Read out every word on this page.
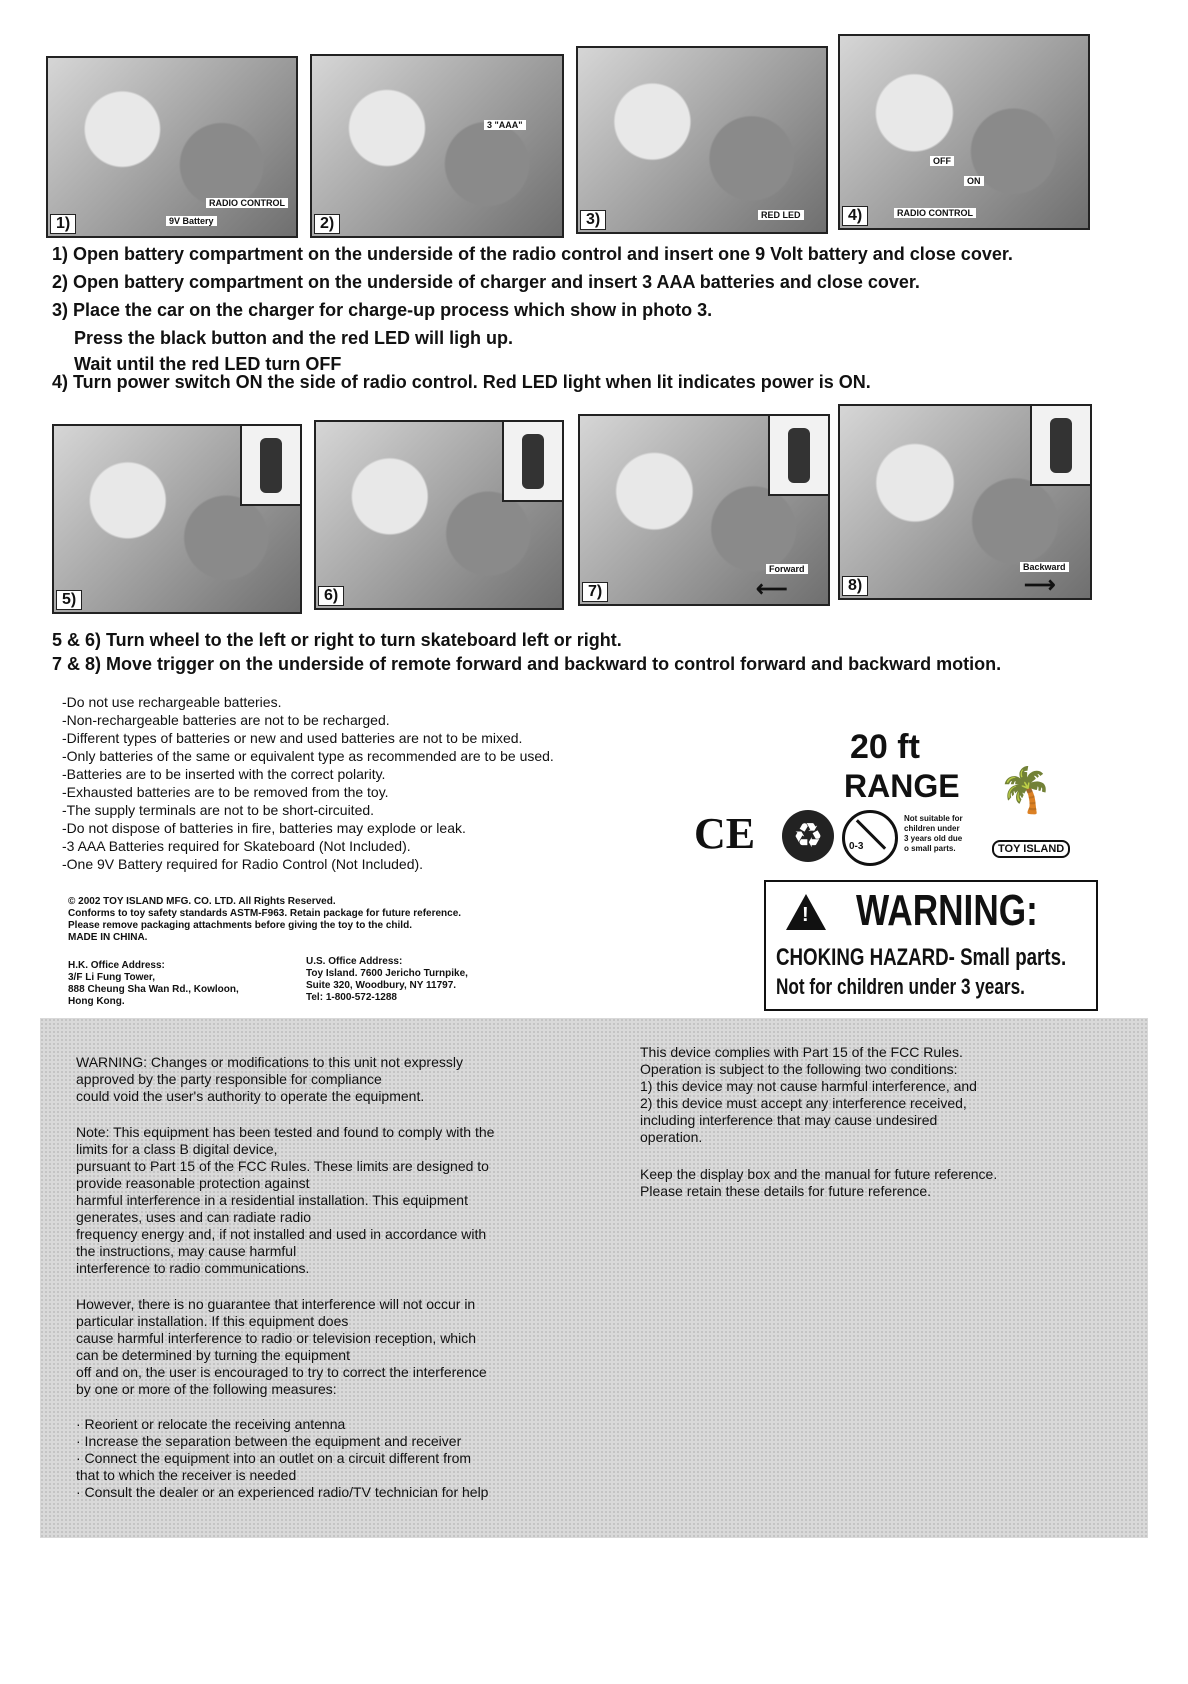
RADIO CONTROL
9V Battery
1)
3 "AAA"
2)	RED LED
3)
OFF
ON
RADIO CONTROL
4)
1) Open battery compartment on the underside of the radio control and insert one 9 Volt battery and close cover.
2) Open battery compartment on the underside of charger and insert 3 AAA batteries and close cover.
3) Place the car on the charger for charge-up process which show in photo 3.
Press the black button and the red LED will ligh up.
Wait until the red LED turn OFF
4) Turn power switch ON the side of radio control. Red LED light when lit indicates power is ON.
5)	6)
Forward
⟵
7)
Backward
⟶
8)
5 & 6) Turn wheel to the left or right to turn skateboard left or right.
7 & 8) Move trigger on the underside of remote forward and backward to control forward and backward motion.
-Do not use rechargeable batteries.
-Non-rechargeable batteries are not to be recharged.
-Different types of batteries or new and used batteries are not to be mixed.
-Only batteries of the same or equivalent type as recommended are to be used.
-Batteries are to be inserted with the correct polarity.
-Exhausted batteries are to be removed from the toy.
-The supply terminals are not to be short-circuited.
-Do not dispose of batteries in fire, batteries may explode or leak.
-3 AAA Batteries required for Skateboard (Not Included).
-One 9V Battery required for Radio Control (Not Included).
© 2002 TOY ISLAND MFG. CO. LTD. All Rights Reserved.
Conforms to toy safety standards ASTM-F963. Retain package for future reference.
Please remove packaging attachments before giving the toy to the child.
MADE IN CHINA.
H.K. Office Address:
3/F Li Fung Tower,
888 Cheung Sha Wan Rd., Kowloon,
Hong Kong.
U.S. Office Address:
Toy Island. 7600 Jericho Turnpike,
Suite 320, Woodbury, NY 11797.
Tel: 1-800-572-1288
20 ft
RANGE
CE	♻	0-3
Not suitable for
children under
3 years old due
o small parts.
🌴
TOY ISLAND
! WARNING:
CHOKING HAZARD- Small parts.
Not for children under 3 years.
WARNING: Changes or modifications to this unit not expressly
approved by the party responsible for compliance
could void the user's authority to operate the equipment.
Note: This equipment has been tested and found to comply with the
limits for a class B digital device,
pursuant to Part 15 of the FCC Rules. These limits are designed to
provide reasonable protection against
harmful interference in a residential installation. This equipment
generates, uses and can radiate radio
frequency energy and, if not installed and used in accordance with
the instructions, may cause harmful
interference to radio communications.
However, there is no guarantee that interference will not occur in
particular installation. If this equipment does
cause harmful interference to radio or television reception, which
can be determined by turning the equipment
off and on, the user is encouraged to try to correct the interference
by one or more of the following measures:
· Reorient or relocate the receiving antenna
· Increase the separation between the equipment and receiver
· Connect the equipment into an outlet on a circuit different from
that to which the receiver is needed
· Consult the dealer or an experienced radio/TV technician for help
This device complies with Part 15 of the FCC Rules.
Operation is subject to the following two conditions:
1) this device may not cause harmful interference, and
2) this device must accept any interference received,
including interference that may cause undesired
operation.
Keep the display box and the manual for future reference.
Please retain these details for future reference.
